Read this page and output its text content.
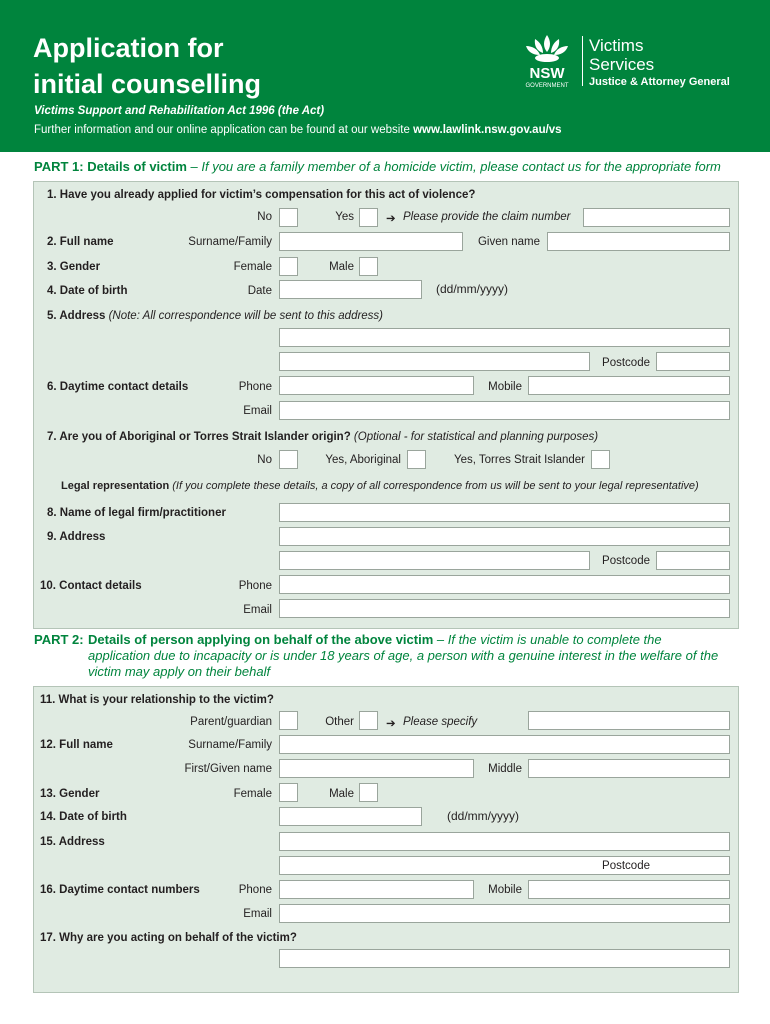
Application for
initial counselling
Victims Support and Rehabilitation Act 1996 (the Act)
Further information and our online application can be found at our website www.lawlink.nsw.gov.au/vs
NSW
GOVERNMENT
Victims
Services
Justice & Attorney General
PART 1: Details of victim – If you are a family member of a homicide victim, please contact us for the appropriate form
1. Have you already applied for victim’s compensation for this act of violence?
No	Yes	➔ Please provide the claim number
2. Full name	Surname/Family	Given name
3. Gender	Female	Male
4. Date of birth	Date	(dd/mm/yyyy)
5. Address (Note: All correspondence will be sent to this address)
Postcode
6. Daytime contact details	Phone	Mobile
Email
7. Are you of Aboriginal or Torres Strait Islander origin? (Optional - for statistical and planning purposes)
No	Yes, Aboriginal	Yes, Torres Strait Islander
Legal representation (If you complete these details, a copy of all correspondence from us will be sent to your legal representative)
8. Name of legal firm/practitioner
9. Address
Postcode
10. Contact details	Phone
Email
PART 2: Details of person applying on behalf of the above victim – If the victim is unable to complete the
application due to incapacity or is under 18 years of age, a person with a genuine interest in the welfare of the
victim may apply on their behalf
11. What is your relationship to the victim?
Parent/guardian	Other	➔ Please specify
12. Full name	Surname/Family
First/Given name	Middle
13. Gender	Female	Male
14. Date of birth	(dd/mm/yyyy)
15. Address
Postcode
16. Daytime contact numbers	Phone	Mobile
Email
17. Why are you acting on behalf of the victim?
